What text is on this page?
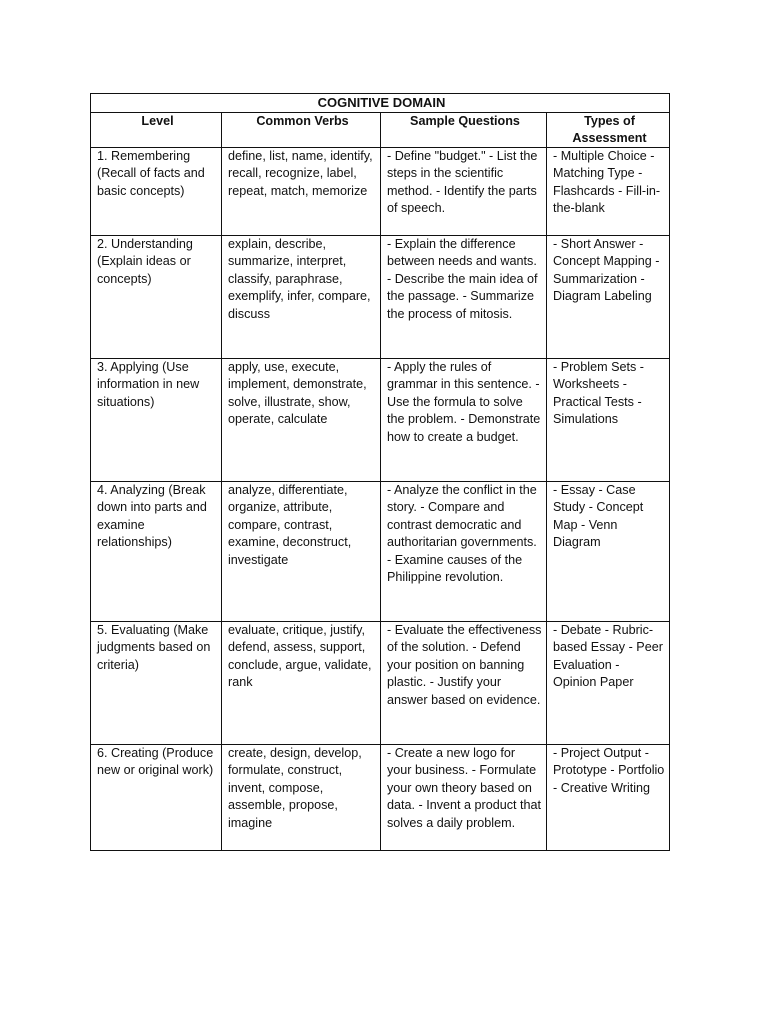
COGNITIVE DOMAIN			
Level	Common Verbs	Sample Questions	Types of Assessment
1. Remembering (Recall of facts and basic concepts)	define, list, name, identify, recall, recognize, label, repeat, match, memorize	- Define "budget." - List the steps in the scientific method. - Identify the parts of speech.	- Multiple Choice - Matching Type - Flashcards - Fill-in-the-blank
2. Understanding (Explain ideas or concepts)	explain, describe, summarize, interpret, classify, paraphrase, exemplify, infer, compare, discuss	- Explain the difference between needs and wants. - Describe the main idea of the passage. - Summarize the process of mitosis.	- Short Answer - Concept Mapping - Summarization - Diagram Labeling
3. Applying (Use information in new situations)	apply, use, execute, implement, demonstrate, solve, illustrate, show, operate, calculate	- Apply the rules of grammar in this sentence. - Use the formula to solve the problem. - Demonstrate how to create a budget.	- Problem Sets - Worksheets - Practical Tests - Simulations
4. Analyzing (Break down into parts and examine relationships)	analyze, differentiate, organize, attribute, compare, contrast, examine, deconstruct, investigate	- Analyze the conflict in the story. - Compare and contrast democratic and authoritarian governments. - Examine causes of the Philippine revolution.	- Essay - Case Study - Concept Map - Venn Diagram
5. Evaluating (Make judgments based on criteria)	evaluate, critique, justify, defend, assess, support, conclude, argue, validate, rank	- Evaluate the effectiveness of the solution. - Defend your position on banning plastic. - Justify your answer based on evidence.	- Debate - Rubric-based Essay - Peer Evaluation - Opinion Paper
6. Creating (Produce new or original work)	create, design, develop, formulate, construct, invent, compose, assemble, propose, imagine	- Create a new logo for your business. - Formulate your own theory based on data. - Invent a product that solves a daily problem.	- Project Output - Prototype - Portfolio - Creative Writing
